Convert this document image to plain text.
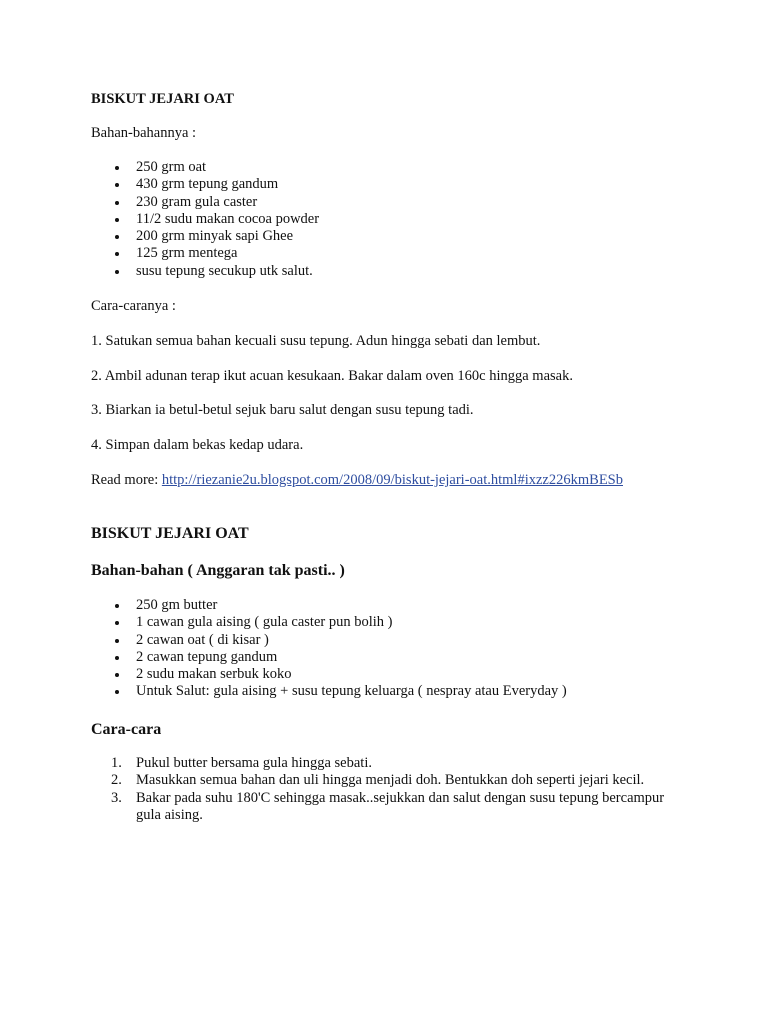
BISKUT JEJARI OAT
Bahan-bahannya :
250 grm oat
430 grm tepung gandum
230 gram gula caster
11/2 sudu makan cocoa powder
200 grm minyak sapi Ghee
125 grm mentega
susu tepung secukup utk salut.
Cara-caranya :
1. Satukan semua bahan kecuali susu tepung. Adun hingga sebati dan lembut.
2. Ambil adunan terap ikut acuan kesukaan. Bakar dalam oven 160c hingga masak.
3. Biarkan ia betul-betul sejuk baru salut dengan susu tepung tadi.
4. Simpan dalam bekas kedap udara.
Read more: http://riezanie2u.blogspot.com/2008/09/biskut-jejari-oat.html#ixzz226kmBESb
BISKUT JEJARI OAT
Bahan-bahan ( Anggaran tak pasti.. )
250 gm butter
1 cawan gula aising ( gula caster pun bolih )
2 cawan oat ( di kisar )
2 cawan tepung gandum
2 sudu makan serbuk koko
Untuk Salut: gula aising + susu tepung keluarga ( nespray atau Everyday )
Cara-cara
1. Pukul butter bersama gula hingga sebati.
2. Masukkan semua bahan dan uli hingga menjadi doh. Bentukkan doh seperti jejari kecil.
3. Bakar pada suhu 180'C sehingga masak..sejukkan dan salut dengan susu tepung bercampur gula aising.
